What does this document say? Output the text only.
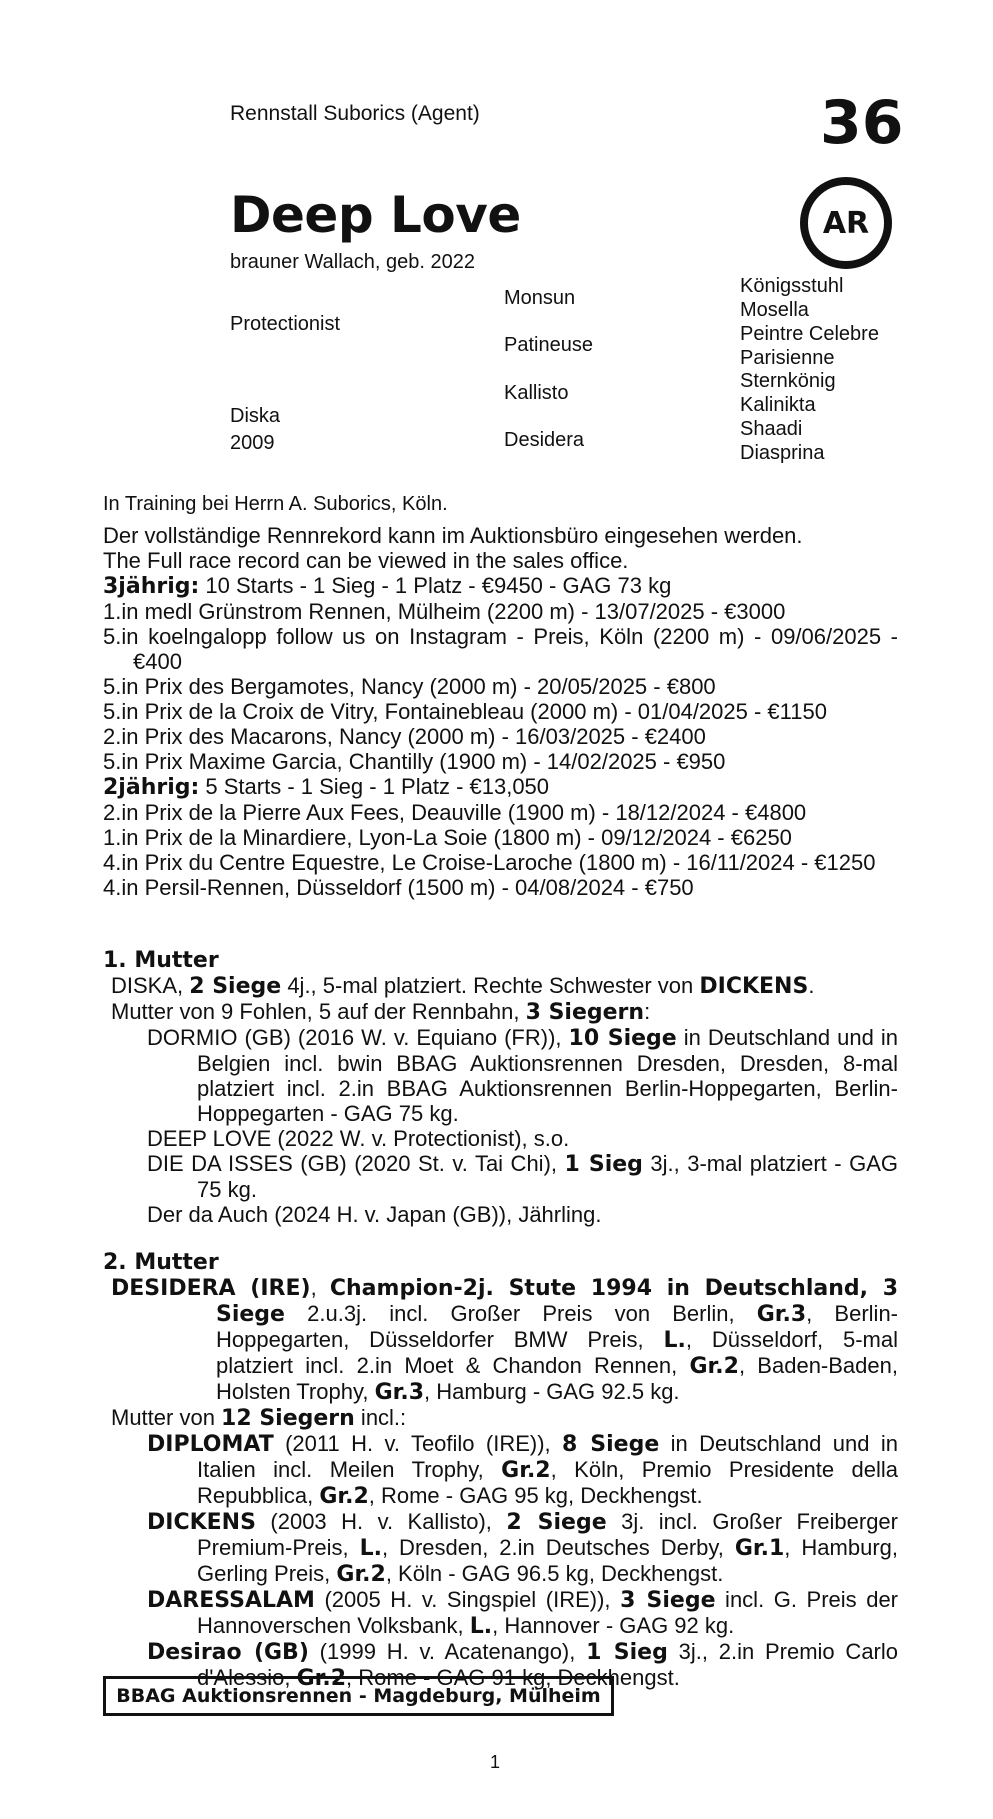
Rennstall Suborics (Agent)	36
AR
Deep Love
brauner Wallach, geb. 2022
Protectionist
Diska
2009
Monsun
Patineuse
Kallisto
Desidera
Königsstuhl
Mosella
Peintre Celebre
Parisienne
Sternkönig
Kalinikta
Shaadi
Diasprina
In Training bei Herrn A. Suborics, Köln.

Der vollständige Rennrekord kann im Auktionsbüro eingesehen werden.

The Full race record can be viewed in the sales office.

3jährig: 10 Starts - 1 Sieg - 1 Platz - €9450 - GAG 73 kg

1.in medl Grünstrom Rennen, Mülheim (2200 m) - 13/07/2025 - €3000

5.in koelngalopp follow us on Instagram - Preis, Köln (2200 m) - 09/06/2025 - €400

5.in Prix des Bergamotes, Nancy (2000 m) - 20/05/2025 - €800

5.in Prix de la Croix de Vitry, Fontainebleau (2000 m) - 01/04/2025 - €1150

2.in Prix des Macarons, Nancy (2000 m) - 16/03/2025 - €2400

5.in Prix Maxime Garcia, Chantilly (1900 m) - 14/02/2025 - €950

2jährig: 5 Starts - 1 Sieg - 1 Platz - €13,050

2.in Prix de la Pierre Aux Fees, Deauville (1900 m) - 18/12/2024 - €4800

1.in Prix de la Minardiere, Lyon-La Soie (1800 m) - 09/12/2024 - €6250

4.in Prix du Centre Equestre, Le Croise-Laroche (1800 m) - 16/11/2024 - €1250

4.in Persil-Rennen, Düsseldorf (1500 m) - 04/08/2024 - €750

1. Mutter

DISKA, 2 Siege 4j., 5-mal platziert. Rechte Schwester von DICKENS.

Mutter von 9 Fohlen, 5 auf der Rennbahn, 3 Siegern:

DORMIO (GB) (2016 W. v. Equiano (FR)), 10 Siege in Deutschland und in Belgien incl. bwin BBAG Auktionsrennen Dresden, Dresden, 8-mal platziert incl. 2.in BBAG Auktionsrennen Berlin-Hoppegarten, Berlin-Hoppegarten - GAG 75 kg.

DEEP LOVE (2022 W. v. Protectionist), s.o.

DIE DA ISSES (GB) (2020 St. v. Tai Chi), 1 Sieg 3j., 3-mal platziert - GAG 75 kg.

Der da Auch (2024 H. v. Japan (GB)), Jährling.

2. Mutter

DESIDERA (IRE), Champion-2j. Stute 1994 in Deutschland, 3 Siege 2.u.3j. incl. Großer Preis von Berlin, Gr.3, Berlin-Hoppegarten, Düsseldorfer BMW Preis, L., Düsseldorf, 5-mal platziert incl. 2.in Moet & Chandon Rennen, Gr.2, Baden-Baden, Holsten Trophy, Gr.3, Hamburg - GAG 92.5 kg.

Mutter von 12 Siegern incl.:

DIPLOMAT (2011 H. v. Teofilo (IRE)), 8 Siege in Deutschland und in Italien incl. Meilen Trophy, Gr.2, Köln, Premio Presidente della Repubblica, Gr.2, Rome - GAG 95 kg, Deckhengst.

DICKENS (2003 H. v. Kallisto), 2 Siege 3j. incl. Großer Freiberger Premium-Preis, L., Dresden, 2.in Deutsches Derby, Gr.1, Hamburg, Gerling Preis, Gr.2, Köln - GAG 96.5 kg, Deckhengst.

DARESSALAM (2005 H. v. Singspiel (IRE)), 3 Siege incl. G. Preis der Hannoverschen Volksbank, L., Hannover - GAG 92 kg.

Desirao (GB) (1999 H. v. Acatenango), 1 Sieg 3j., 2.in Premio Carlo d'Alessio, Gr.2, Rome - GAG 91 kg, Deckhengst.

BBAG Auktionsrennen - Magdeburg, Mülheim
1
